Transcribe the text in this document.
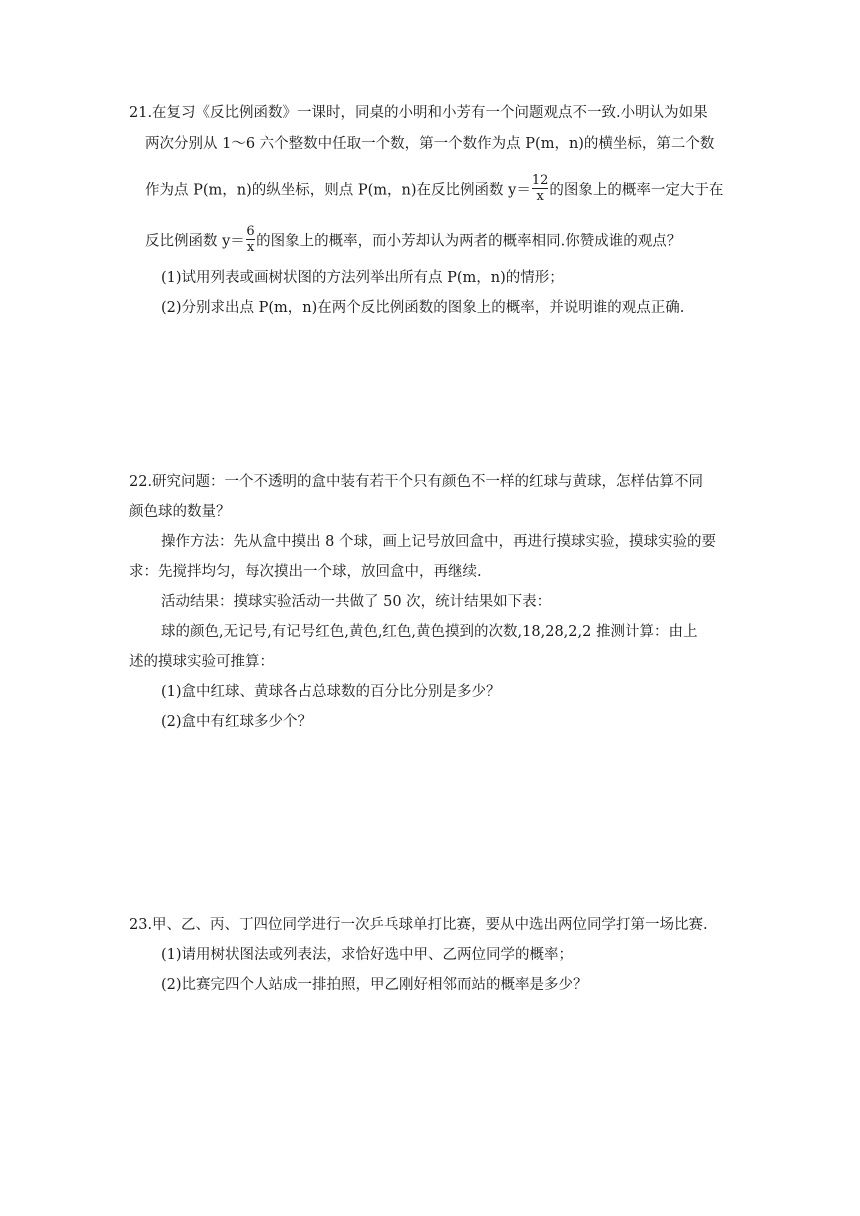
21.在复习《反比例函数》一课时，同桌的小明和小芳有一个问题观点不一致.小明认为如果
两次分别从 1～6 六个整数中任取一个数，第一个数作为点 P(m，n)的横坐标，第二个数
作为点 P(m，n)的纵坐标，则点 P(m，n)在反比例函数 $y= \frac{12}{x}$ 的图象上的概率一定大于在
反比例函数 $y= \frac{6}{x}$ 的图象上的概率，而小芳却认为两者的概率相同.你赞成谁的观点？
(1)试用列表或画树状图的方法列举出所有点 P(m，n)的情形；
(2)分别求出点 P(m，n)在两个反比例函数的图象上的概率，并说明谁的观点正确.
22.研究问题：一个不透明的盒中装有若干个只有颜色不一样的红球与黄球，怎样估算不同
颜色球的数量？
操作方法：先从盒中摸出 8 个球，画上记号放回盒中，再进行摸球实验，摸球实验的要
求：先搅拌均匀，每次摸出一个球，放回盒中，再继续.
活动结果：摸球实验活动一共做了 50 次，统计结果如下表：
球的颜色,无记号,有记号红色,黄色,红色,黄色摸到的次数,18,28,2,2 推测计算：由上
述的摸球实验可推算：
(1)盒中红球、黄球各占总球数的百分比分别是多少？
(2)盒中有红球多少个？
23.甲、乙、丙、丁四位同学进行一次乒乓球单打比赛，要从中选出两位同学打第一场比赛.
(1)请用树状图法或列表法，求恰好选中甲、乙两位同学的概率；
(2)比赛完四个人站成一排拍照，甲乙刚好相邻而站的概率是多少？
